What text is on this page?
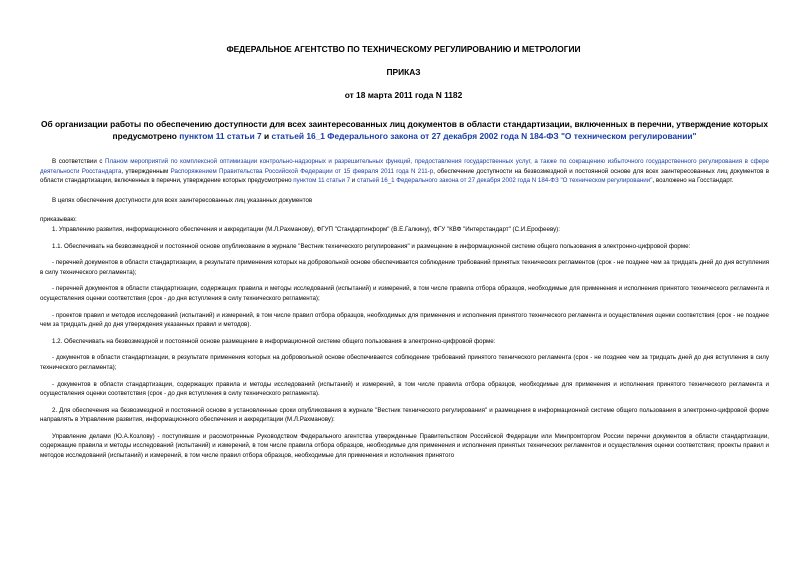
ФЕДЕРАЛЬНОЕ АГЕНТСТВО ПО ТЕХНИЧЕСКОМУ РЕГУЛИРОВАНИЮ И МЕТРОЛОГИИ
ПРИКАЗ
от 18 марта 2011 года N 1182
Об организации работы по обеспечению доступности для всех заинтересованных лиц документов в области стандартизации, включенных в перечни, утверждение которых предусмотрено пунктом 11 статьи 7 и статьей 16_1 Федерального закона от 27 декабря 2002 года N 184-ФЗ "О техническом регулировании"

В соответствии с Планом мероприятий по комплексной оптимизации контрольно-надзорных и разрешительных функций, предоставления государственных услуг, а также по сокращению избыточного государственного регулирования в сфере деятельности Росстандарта, утвержденным Распоряжением Правительства Российской Федерации от 15 февраля 2011 года N 211-р, обеспечение доступности на безвозмездной и постоянной основе для всех заинтересованных лиц документов в области стандартизации, включенных в перечни, утверждение которых предусмотрено пунктом 11 статьи 7 и статьей 16_1 Федерального закона от 27 декабря 2002 года N 184-ФЗ "О техническом регулировании", возложено на Госстандарт.

В целях обеспечения доступности для всех заинтересованных лиц указанных документов

приказываю:

1. Управлению развития, информационного обеспечения и аккредитации (М.Л.Рахманову), ФГУП "Стандартинформ" (В.Е.Галкину), ФГУ "КВФ "Интерстандарт" (С.И.Ерофееву):

1.1. Обеспечивать на безвозмездной и постоянной основе опубликование в журнале "Вестник технического регулирования" и размещение в информационной системе общего пользования в электронно-цифровой форме:

- перечней документов в области стандартизации, в результате применения которых на добровольной основе обеспечивается соблюдение требований принятых технических регламентов (срок - не позднее чем за тридцать дней до дня вступления в силу технического регламента);

- перечней документов в области стандартизации, содержащих правила и методы исследований (испытаний) и измерений, в том числе правила отбора образцов, необходимые для применения и исполнения принятого технического регламента и осуществления оценки соответствия (срок - до дня вступления в силу технического регламента);

- проектов правил и методов исследований (испытаний) и измерений, в том числе правил отбора образцов, необходимых для применения и исполнения принятого технического регламента и осуществления оценки соответствия (срок - не позднее чем за тридцать дней до дня утверждения указанных правил и методов).

1.2. Обеспечивать на безвозмездной и постоянной основе размещение в информационной системе общего пользования в электронно-цифровой форме:

- документов в области стандартизации, в результате применения которых на добровольной основе обеспечивается соблюдение требований принятого технического регламента (срок - не позднее чем за тридцать дней до дня вступления в силу технического регламента);

- документов в области стандартизации, содержащих правила и методы исследований (испытаний) и измерений, в том числе правила отбора образцов, необходимые для применения и исполнения принятого технического регламента и осуществления оценки соответствия (срок - до дня вступления в силу технического регламента).

2. Для обеспечения на безвозмездной и постоянной основе в установленные сроки опубликования в журнале "Вестник технического регулирования" и размещения в информационной системе общего пользования в электронно-цифровой форме направлять в Управление развития, информационного обеспечения и аккредитации (М.Л.Рахманову):

Управление делами (Ю.А.Козлову) - поступившие и рассмотренные Руководством Федерального агентства утвержденные Правительством Российской Федерации или Минпромторгом России перечни документов в области стандартизации, содержащие правила и методы исследований (испытаний) и измерений, в том числе правила отбора образцов, необходимые для применения и исполнения принятых технических регламентов и осуществления оценки соответствия; проекты правил и методов исследований (испытаний) и измерений, в том числе правил отбора образцов, необходимые для применения и исполнения принятого
